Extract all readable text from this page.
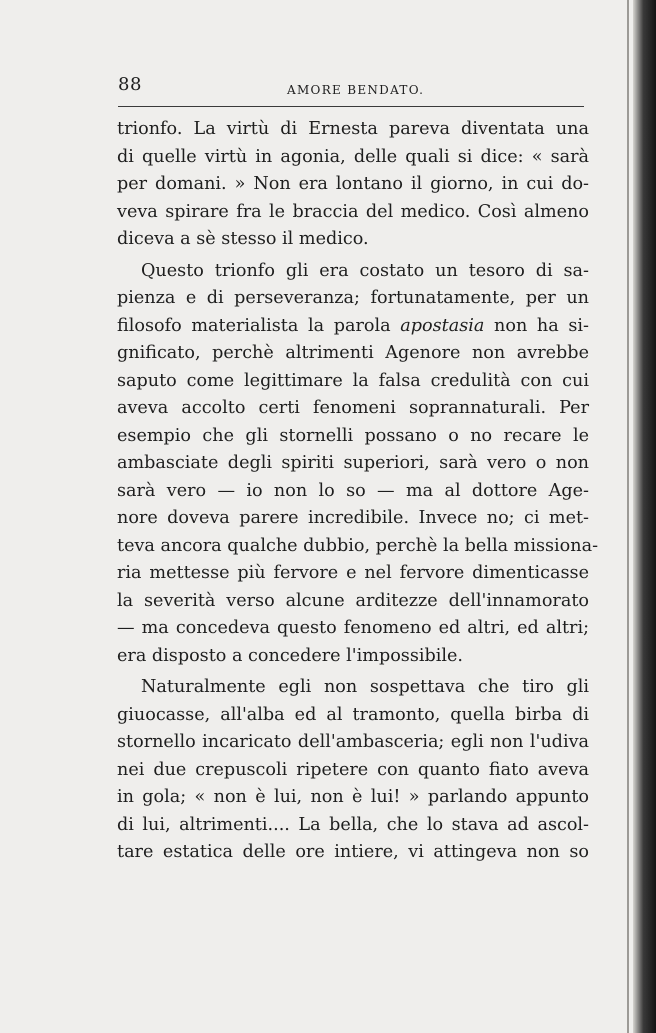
88	AMORE BENDATO.
trionfo. La virtù di Ernesta pareva diventata una
di quelle virtù in agonia, delle quali si dice: « sarà
per domani. » Non era lontano il giorno, in cui do-
veva spirare fra le braccia del medico. Così almeno
diceva a sè stesso il medico.
Questo trionfo gli era costato un tesoro di sa-
pienza e di perseveranza; fortunatamente, per un
filosofo materialista la parola apostasia non ha si-
gnificato, perchè altrimenti Agenore non avrebbe
saputo come legittimare la falsa credulità con cui
aveva accolto certi fenomeni soprannaturali. Per
esempio che gli stornelli possano o no recare le
ambasciate degli spiriti superiori, sarà vero o non
sarà vero — io non lo so — ma al dottore Age-
nore doveva parere incredibile. Invece no; ci met-
teva ancora qualche dubbio, perchè la bella missiona-
ria mettesse più fervore e nel fervore dimenticasse
la severità verso alcune arditezze dell'innamorato
— ma concedeva questo fenomeno ed altri, ed altri;
era disposto a concedere l'impossibile.
Naturalmente egli non sospettava che tiro gli
giuocasse, all'alba ed al tramonto, quella birba di
stornello incaricato dell'ambasceria; egli non l'udiva
nei due crepuscoli ripetere con quanto fiato aveva
in gola; « non è lui, non è lui! » parlando appunto
di lui, altrimenti.... La bella, che lo stava ad ascol-
tare estatica delle ore intiere, vi attingeva non so
